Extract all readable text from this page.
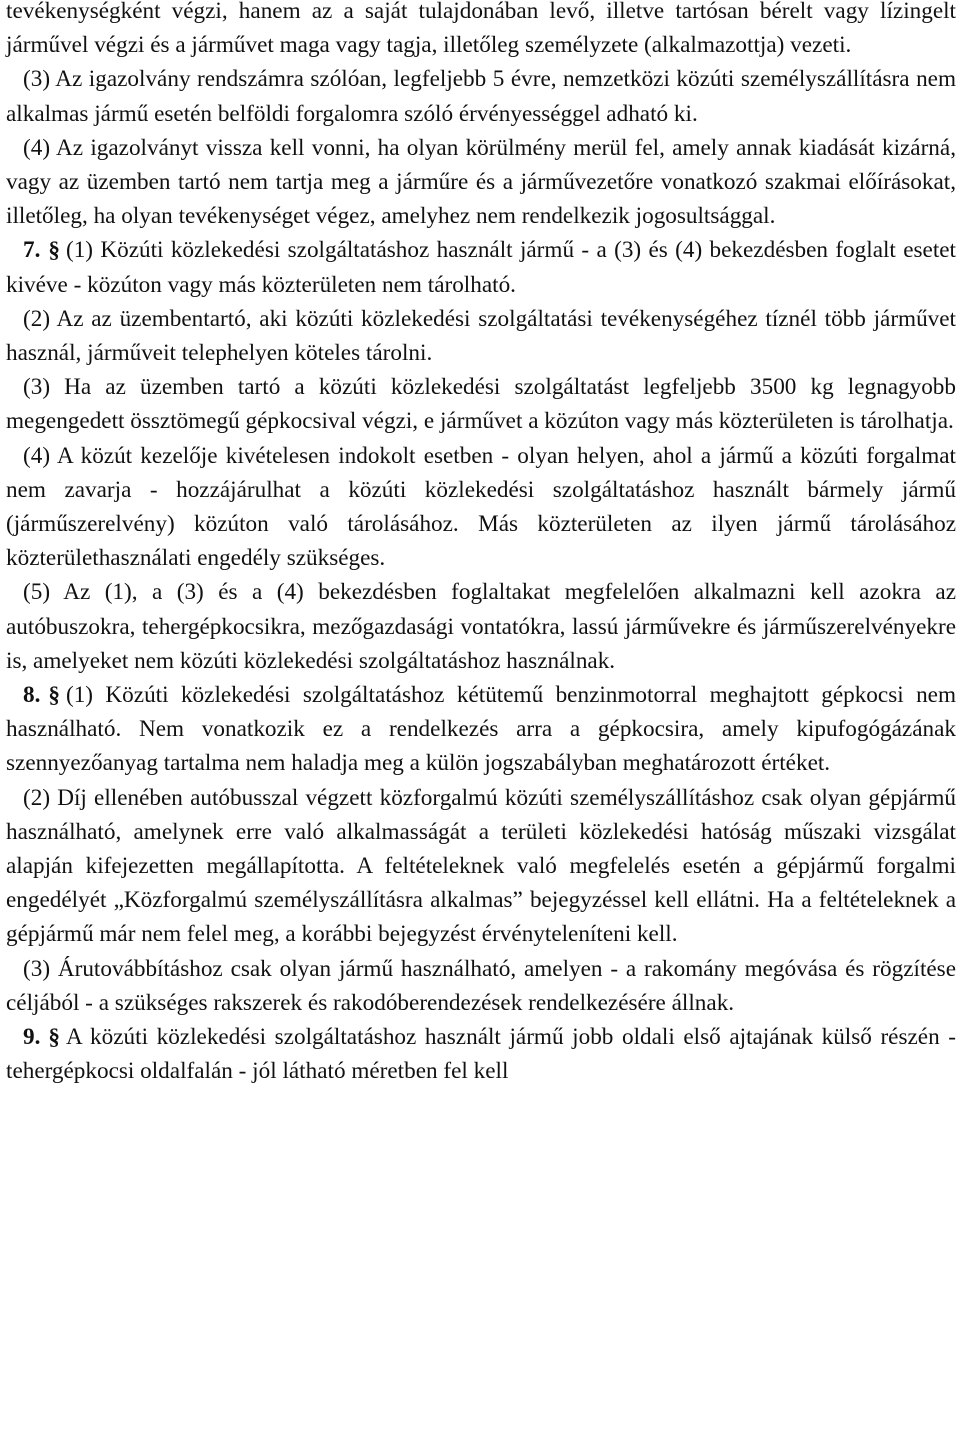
tevékenységként végzi, hanem az a saját tulajdonában levő, illetve tartósan bérelt vagy lízingelt járművel végzi és a járművet maga vagy tagja, illetőleg személyzete (alkalmazottja) vezeti.

(3) Az igazolvány rendszámra szólóan, legfeljebb 5 évre, nemzetközi közúti személyszállításra nem alkalmas jármű esetén belföldi forgalomra szóló érvényességgel adható ki.

(4) Az igazolványt vissza kell vonni, ha olyan körülmény merül fel, amely annak kiadását kizárná, vagy az üzemben tartó nem tartja meg a járműre és a járművezetőre vonatkozó szakmai előírásokat, illetőleg, ha olyan tevékenységet végez, amelyhez nem rendelkezik jogosultsággal.

7. § (1) Közúti közlekedési szolgáltatáshoz használt jármű - a (3) és (4) bekezdésben foglalt esetet kivéve - közúton vagy más közterületen nem tárolható.

(2) Az az üzembentartó, aki közúti közlekedési szolgáltatási tevékenységéhez tíznél több járművet használ, járműveit telephelyen köteles tárolni.

(3) Ha az üzemben tartó a közúti közlekedési szolgáltatást legfeljebb 3500 kg legnagyobb megengedett össztömegű gépkocsival végzi, e járművet a közúton vagy más közterületen is tárolhatja.

(4) A közút kezelője kivételesen indokolt esetben - olyan helyen, ahol a jármű a közúti forgalmat nem zavarja - hozzájárulhat a közúti közlekedési szolgáltatáshoz használt bármely jármű (járműszerelvény) közúton való tárolásához. Más közterületen az ilyen jármű tárolásához közterülethasználati engedély szükséges.

(5) Az (1), a (3) és a (4) bekezdésben foglaltakat megfelelően alkalmazni kell azokra az autóbuszokra, tehergépkocsikra, mezőgazdasági vontatókra, lassú járművekre és járműszerelvényekre is, amelyeket nem közúti közlekedési szolgáltatáshoz használnak.

8. § (1) Közúti közlekedési szolgáltatáshoz kétütemű benzinmotorral meghajtott gépkocsi nem használható. Nem vonatkozik ez a rendelkezés arra a gépkocsira, amely kipufogógázának szennyezőanyag tartalma nem haladja meg a külön jogszabályban meghatározott értéket.

(2) Díj ellenében autóbusszal végzett közforgalmú közúti személyszállításhoz csak olyan gépjármű használható, amelynek erre való alkalmasságát a területi közlekedési hatóság műszaki vizsgálat alapján kifejezetten megállapította. A feltételeknek való megfelelés esetén a gépjármű forgalmi engedélyét „Közforgalmú személyszállításra alkalmas” bejegyzéssel kell ellátni. Ha a feltételeknek a gépjármű már nem felel meg, a korábbi bejegyzést érvényteleníteni kell.

(3) Árutovábbításhoz csak olyan jármű használható, amelyen - a rakomány megóvása és rögzítése céljából - a szükséges rakszerek és rakodóberendezések rendelkezésére állnak.

9. § A közúti közlekedési szolgáltatáshoz használt jármű jobb oldali első ajtajának külső részén - tehergépkocsi oldalfalán - jól látható méretben fel kell
